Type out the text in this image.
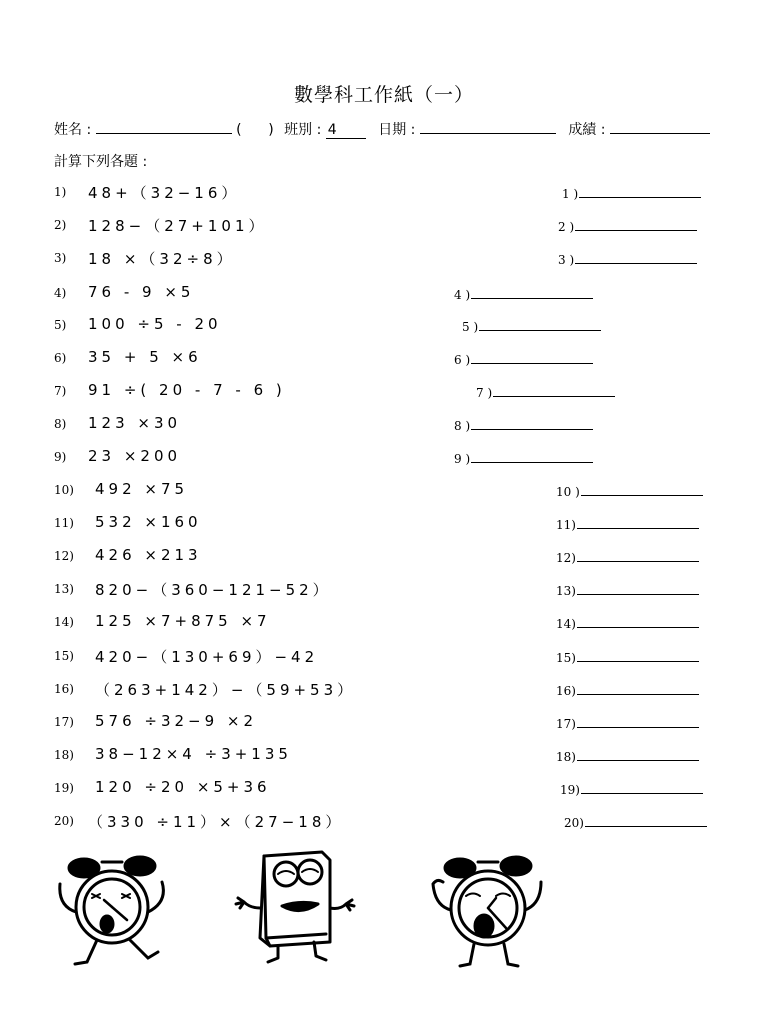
數學科工作紙（一）
姓名 :	(      ) 班別 : 4	日期 :	成績 :
計算下列各題 :
1) 48+（32−16）	1 )
2) 128−（27+101）	2 )
3) 18 ×（32÷8）	3 )
4) 76 - 9 ×5	4 )
5) 100 ÷5 - 20	5 )
6) 35 + 5 ×6	6 )
7) 91 ÷( 20 - 7 - 6 )	7 )
8) 123 ×30	8 )
9) 23 ×200	9 )
10) 492 ×75	10 )
11) 532 ×160	11)
12) 426 ×213	12)
13) 820−（360−121−52）	13)
14) 125 ×7+875 ×7	14)
15) 420−（130+69）−42	15)
16) （263+142）−（59+53）	16)
17) 576 ÷32−9 ×2	17)
18) 38−12×4 ÷3+135	18)
19) 120 ÷20 ×5+36	19)
20) （330 ÷11）×（27−18）	20)
